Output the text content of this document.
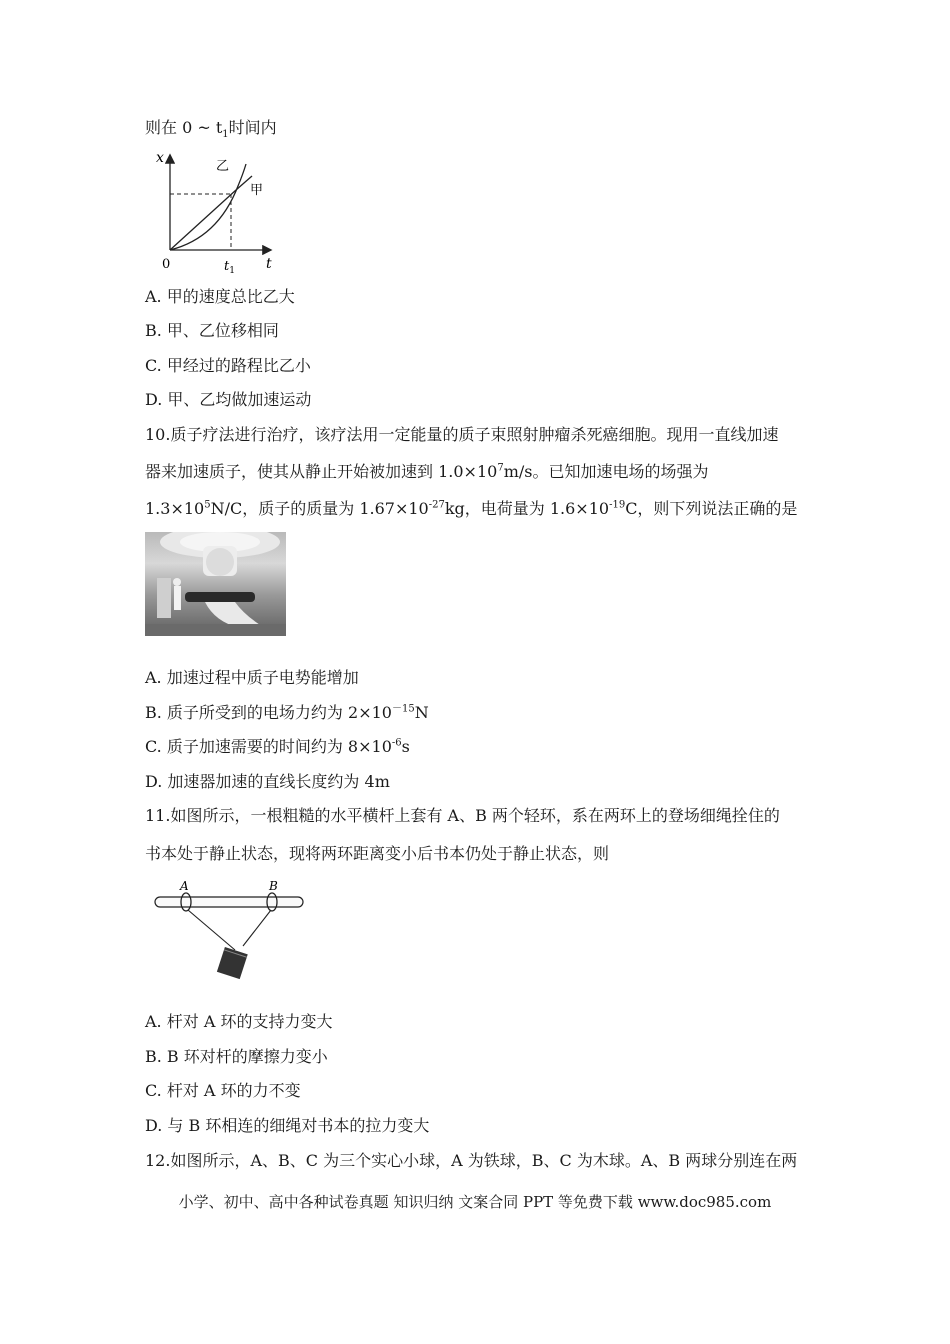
则在 0 ~ $t_1$时间内
x
t
0	$t_1$
乙
甲
A. 甲的速度总比乙大
B. 甲、乙位移相同
C. 甲经过的路程比乙小
D. 甲、乙均做加速运动
10.质子疗法进行治疗，该疗法用一定能量的质子束照射肿瘤杀死癌细胞。现用一直线加速
器来加速质子，使其从静止开始被加速到 $1.0\times 10^7m/s$。已知加速电场的场强为
$1.3\times 10^5N/C$，质子的质量为 $1.67\times 10^{-27}kg$，电荷量为 $1.6\times 10^{-19}C$，则下列说法正确的是
A. 加速过程中质子电势能增加
B. 质子所受到的电场力约为 $2\times 10^{-15}N$
C. 质子加速需要的时间约为 $8\times 10^{-6}s$
D. 加速器加速的直线长度约为 4m
11.如图所示，一根粗糙的水平横杆上套有 A、B 两个轻环，系在两环上的登场细绳拴住的
书本处于静止状态，现将两环距离变小后书本仍处于静止状态，则
A	B
A. 杆对 A 环的支持力变大
B. B 环对杆的摩擦力变小
C. 杆对 A 环的力不变
D. 与 B 环相连的细绳对书本的拉力变大
12.如图所示，A、B、C 为三个实心小球，A 为铁球，B、C 为木球。A、B 两球分别连在两
小学、初中、高中各种试卷真题 知识归纳 文案合同 PPT 等免费下载 www.doc985.com
